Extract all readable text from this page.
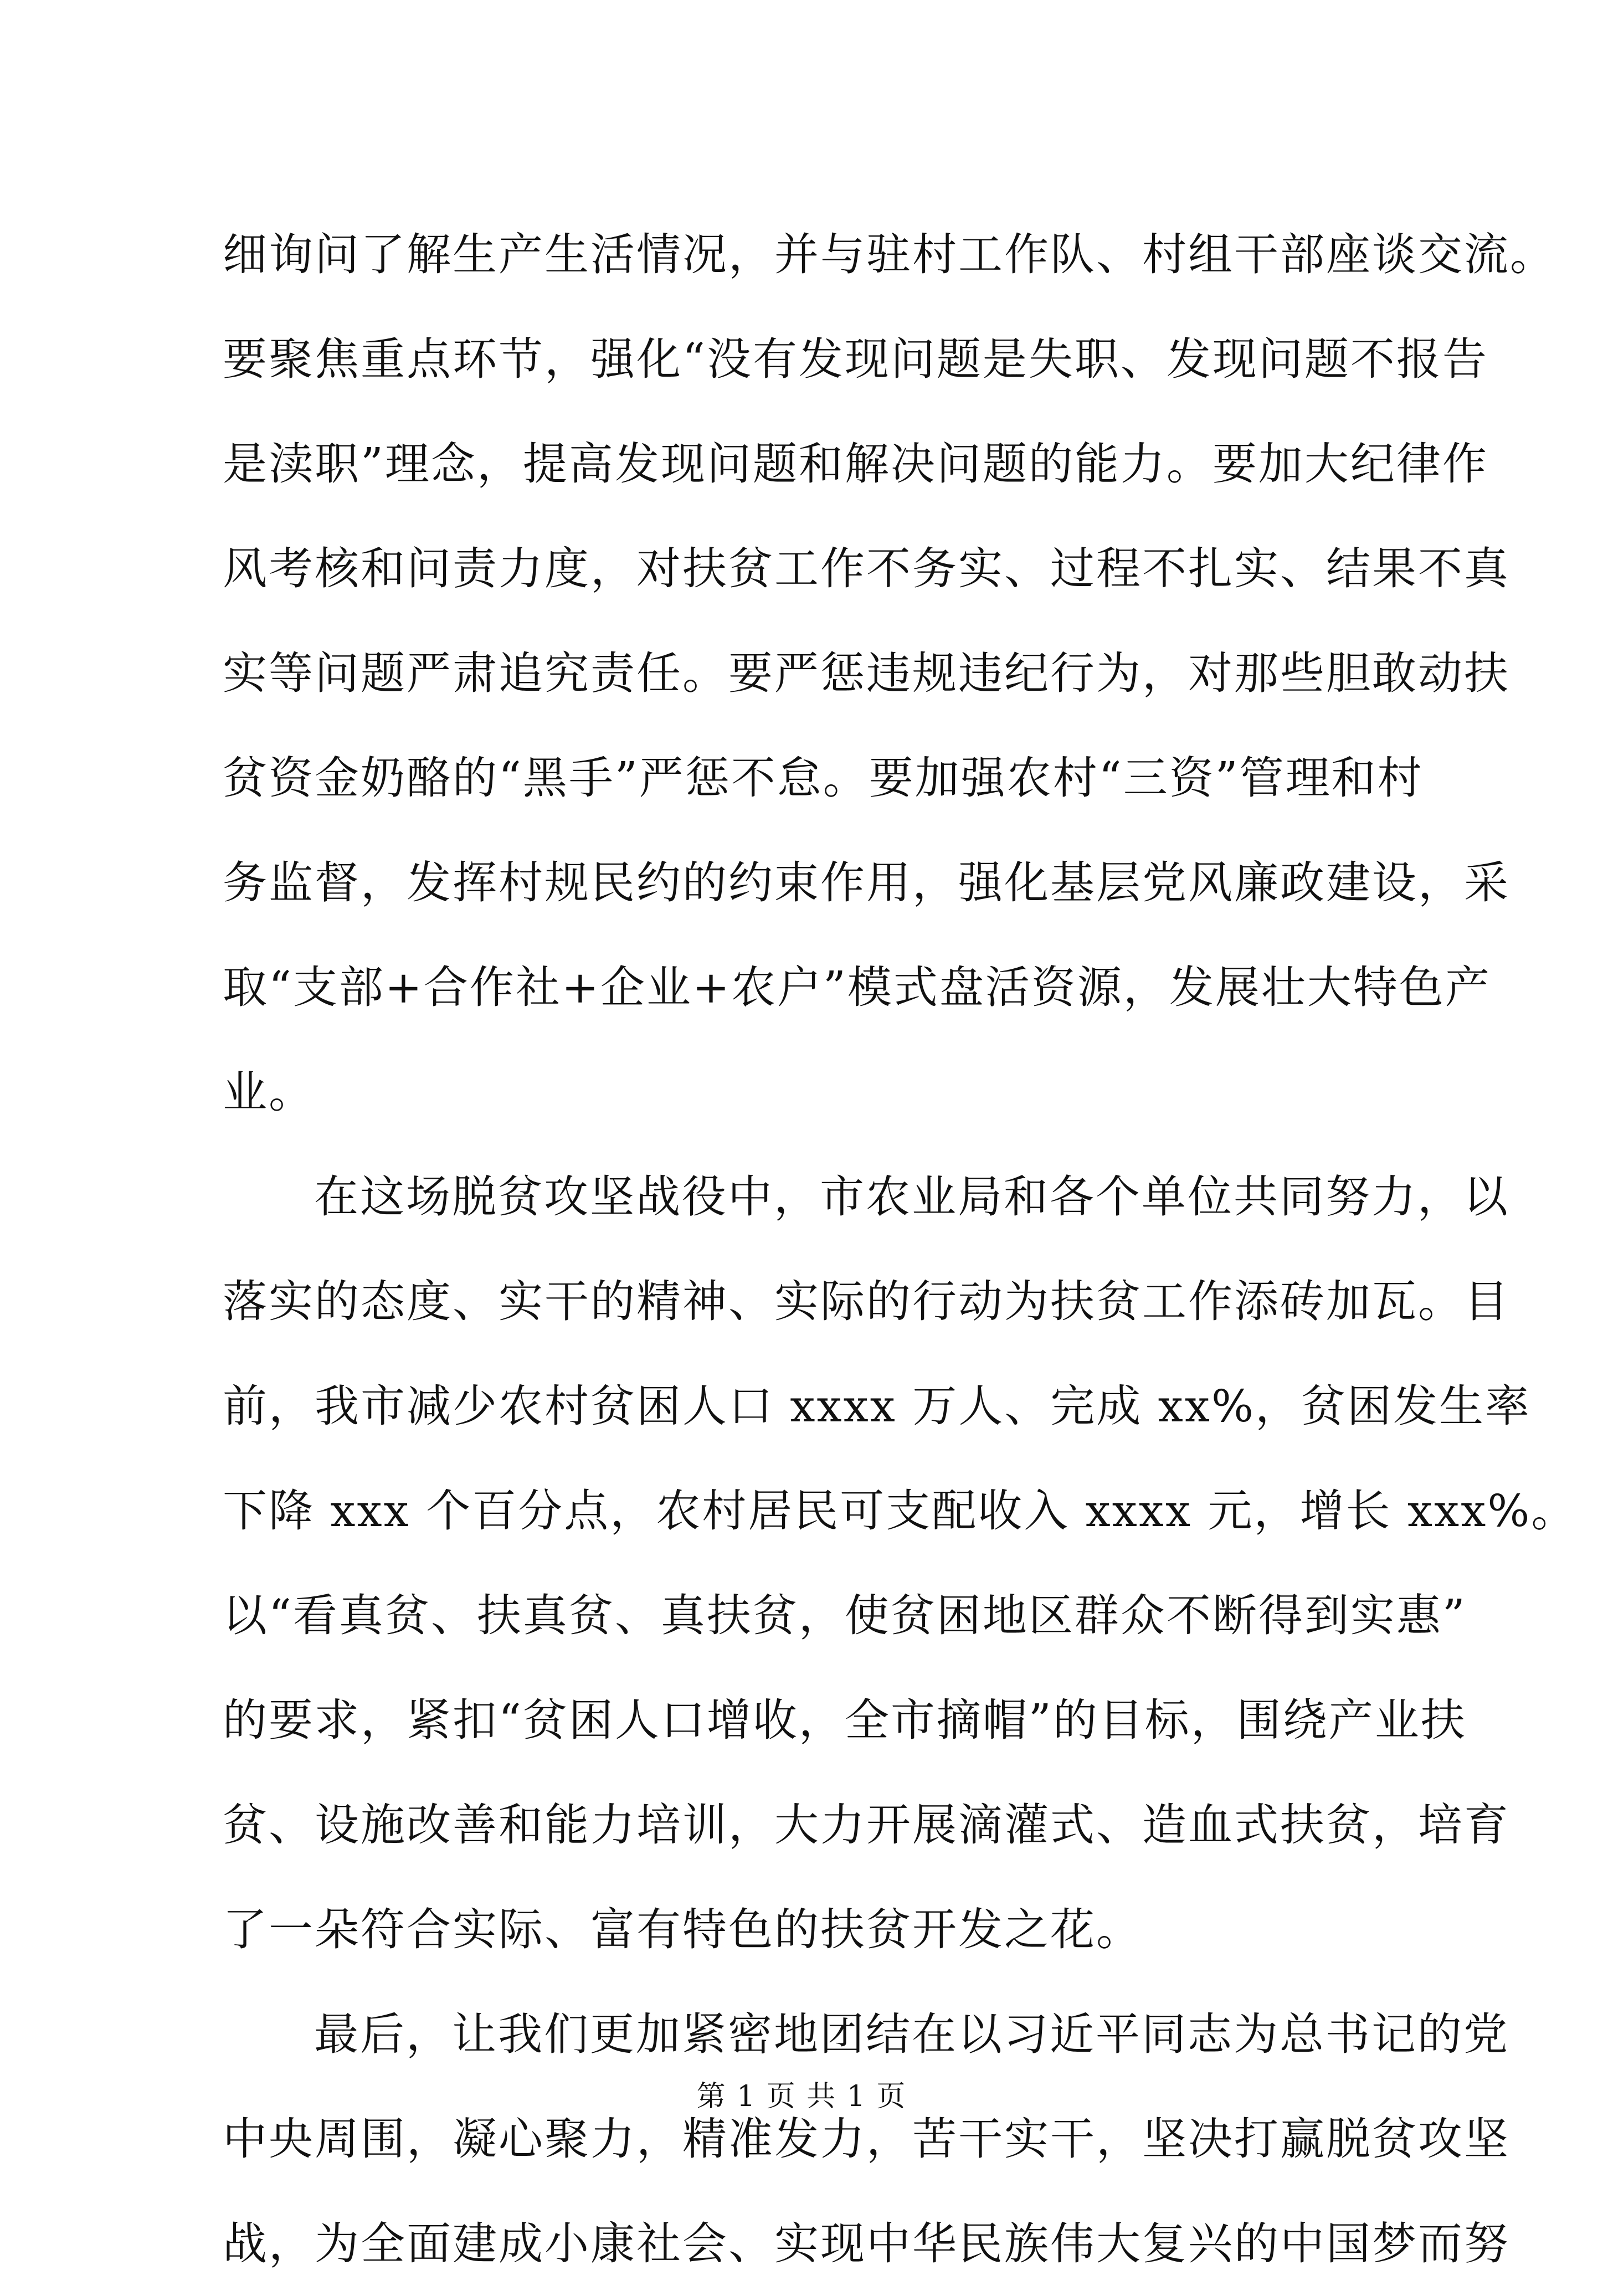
细询问了解生产生活情况，并与驻村工作队、村组干部座谈交流。
要聚焦重点环节，强化“没有发现问题是失职、发现问题不报告
是渎职”理念，提高发现问题和解决问题的能力。要加大纪律作
风考核和问责力度，对扶贫工作不务实、过程不扎实、结果不真
实等问题严肃追究责任。要严惩违规违纪行为，对那些胆敢动扶
贫资金奶酪的“黑手”严惩不怠。要加强农村“三资”管理和村
务监督，发挥村规民约的约束作用，强化基层党风廉政建设，采
取“支部+合作社+企业+农户”模式盘活资源，发展壮大特色产
业。
在这场脱贫攻坚战役中，市农业局和各个单位共同努力，以
落实的态度、实干的精神、实际的行动为扶贫工作添砖加瓦。目
前，我市减少农村贫困人口 xxxx 万人、完成 xx%，贫困发生率
下降 xxx 个百分点，农村居民可支配收入 xxxx 元，增长 xxx%。
以“看真贫、扶真贫、真扶贫，使贫困地区群众不断得到实惠”
的要求，紧扣“贫困人口增收，全市摘帽”的目标，围绕产业扶
贫、设施改善和能力培训，大力开展滴灌式、造血式扶贫，培育
了一朵符合实际、富有特色的扶贫开发之花。
最后，让我们更加紧密地团结在以习近平同志为总书记的党
中央周围，凝心聚力，精准发力，苦干实干，坚决打赢脱贫攻坚
战，为全面建成小康社会、实现中华民族伟大复兴的中国梦而努
第 1 页 共 1 页
